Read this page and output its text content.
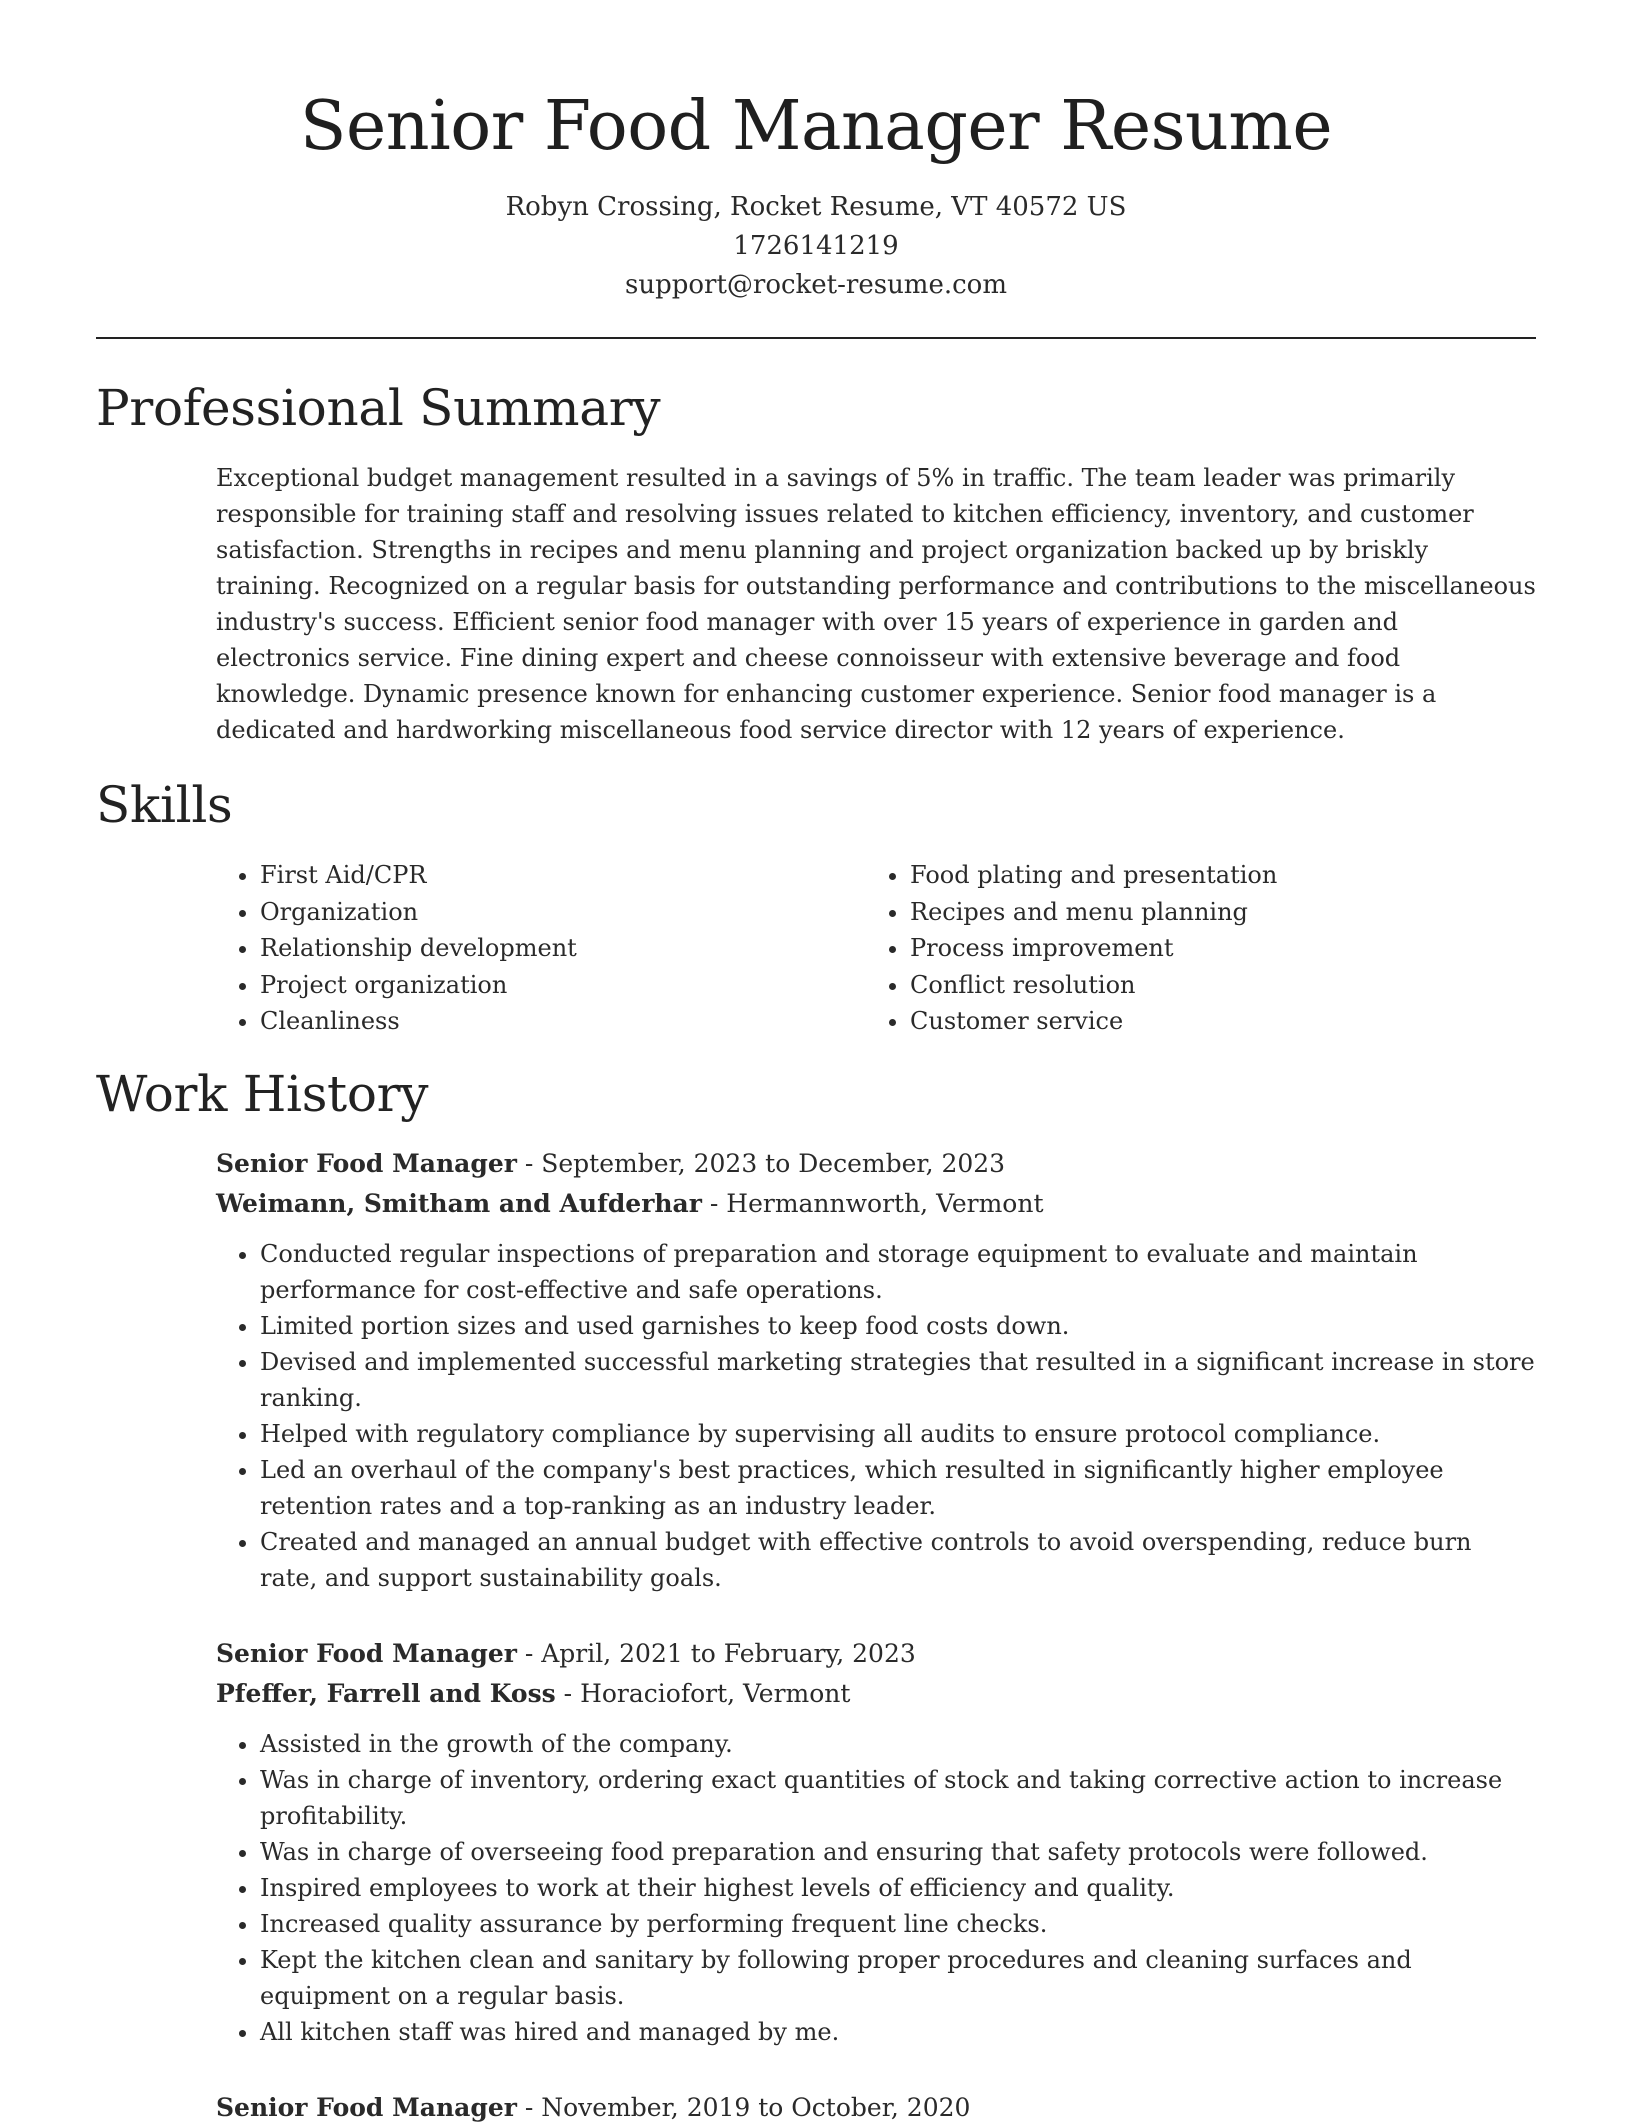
Senior Food Manager Resume
Robyn Crossing, Rocket Resume, VT 40572 US
1726141219
support@rocket-resume.com
Professional Summary

Exceptional budget management resulted in a savings of 5% in traffic. The team leader was primarily responsible for training staff and resolving issues related to kitchen efficiency, inventory, and customer satisfaction. Strengths in recipes and menu planning and project organization backed up by briskly training. Recognized on a regular basis for outstanding performance and contributions to the miscellaneous industry's success. Efficient senior food manager with over 15 years of experience in garden and electronics service. Fine dining expert and cheese connoisseur with extensive beverage and food knowledge. Dynamic presence known for enhancing customer experience. Senior food manager is a dedicated and hardworking miscellaneous food service director with 12 years of experience.

Skills
• First Aid/CPR
• Organization
• Relationship development
• Project organization
• Cleanliness
• Food plating and presentation
• Recipes and menu planning
• Process improvement
• Conflict resolution
• Customer service
Work History
Senior Food Manager - September, 2023 to December, 2023
Weimann, Smitham and Aufderhar - Hermannworth, Vermont
• Conducted regular inspections of preparation and storage equipment to evaluate and maintain performance for cost-effective and safe operations.
• Limited portion sizes and used garnishes to keep food costs down.
• Devised and implemented successful marketing strategies that resulted in a significant increase in store ranking.
• Helped with regulatory compliance by supervising all audits to ensure protocol compliance.
• Led an overhaul of the company's best practices, which resulted in significantly higher employee retention rates and a top-ranking as an industry leader.
• Created and managed an annual budget with effective controls to avoid overspending, reduce burn rate, and support sustainability goals.
Senior Food Manager - April, 2021 to February, 2023
Pfeffer, Farrell and Koss - Horaciofort, Vermont
• Assisted in the growth of the company.
• Was in charge of inventory, ordering exact quantities of stock and taking corrective action to increase profitability.
• Was in charge of overseeing food preparation and ensuring that safety protocols were followed.
• Inspired employees to work at their highest levels of efficiency and quality.
• Increased quality assurance by performing frequent line checks.
• Kept the kitchen clean and sanitary by following proper procedures and cleaning surfaces and equipment on a regular basis.
• All kitchen staff was hired and managed by me.
Senior Food Manager - November, 2019 to October, 2020
